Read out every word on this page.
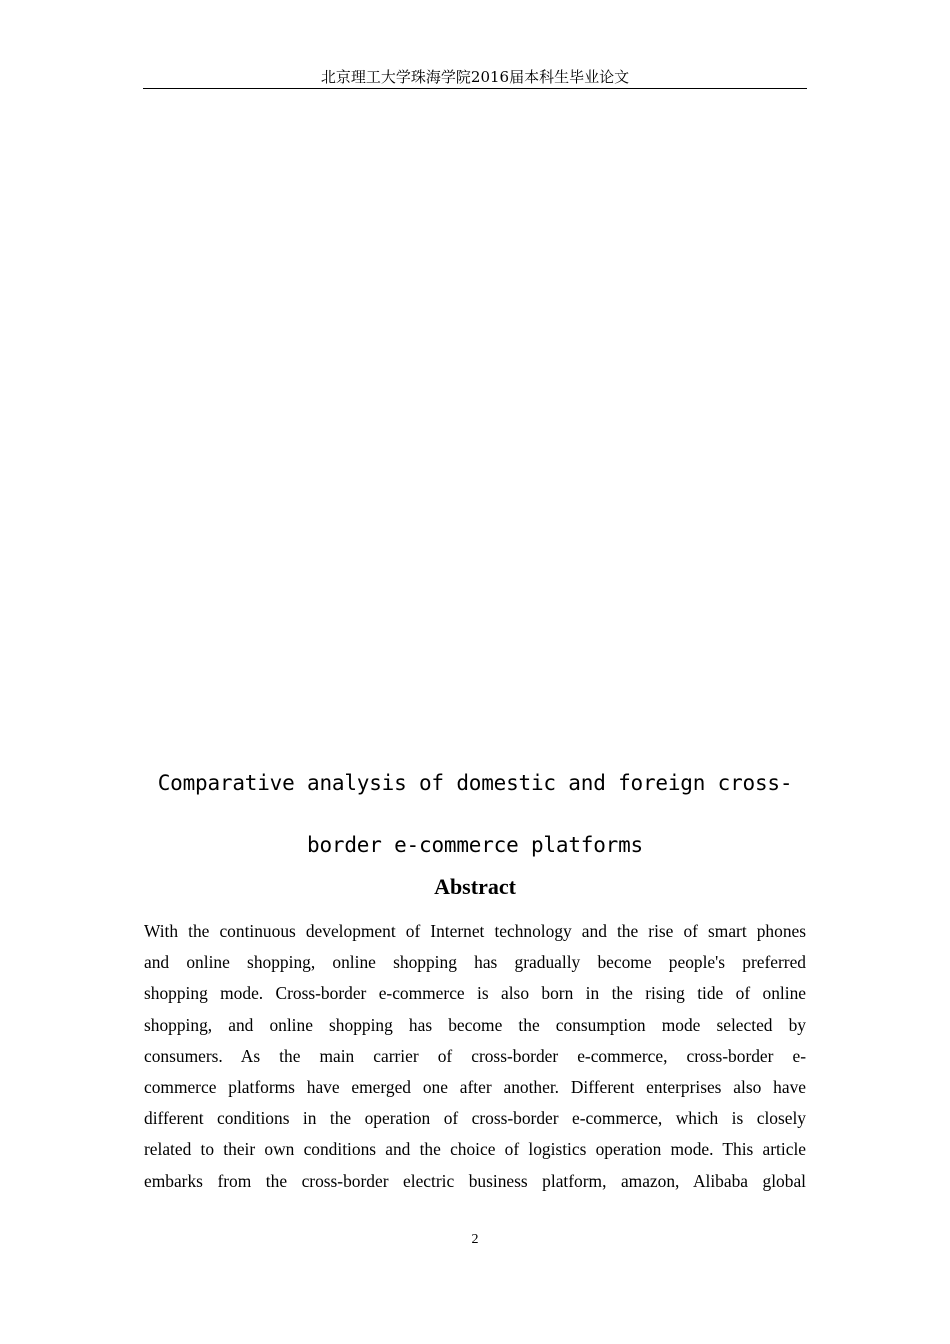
北京理工大学珠海学院2016届本科生毕业论文
Comparative analysis of domestic and foreign cross-
border e-commerce platforms
Abstract
With the continuous development of Internet technology and the rise of smart phones
and online shopping, online shopping has gradually become people's preferred
shopping mode. Cross-border e-commerce is also born in the rising tide of online
shopping, and online shopping has become the consumption mode selected by
consumers. As the main carrier of cross-border e-commerce, cross-border e-
commerce platforms have emerged one after another. Different enterprises also have
different conditions in the operation of cross-border e-commerce, which is closely
related to their own conditions and the choice of logistics operation mode. This article
embarks from the cross-border electric business platform, amazon, Alibaba global
2
